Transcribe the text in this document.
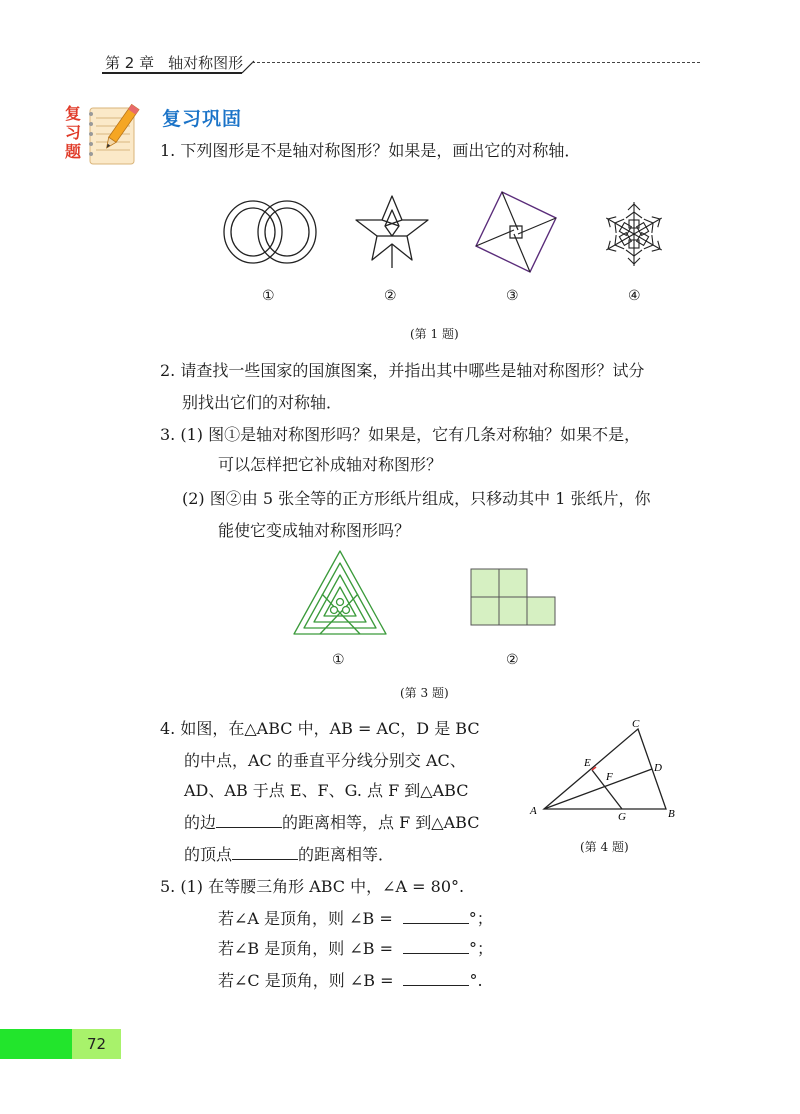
第 2 章 轴对称图形
复
习
题
复习巩固
1. 下列图形是不是轴对称图形？如果是，画出它的对称轴．
①	②	③	④
(第 1 题)
2. 请查找一些国家的国旗图案，并指出其中哪些是轴对称图形？试分
别找出它们的对称轴．
3. (1) 图①是轴对称图形吗？如果是，它有几条对称轴？如果不是，
可以怎样把它补成轴对称图形？
(2) 图②由 5 张全等的正方形纸片组成，只移动其中 1 张纸片，你
能使它变成轴对称图形吗？
①	②
(第 3 题)
4. 如图，在△ABC 中，AB = AC，D 是 BC
的中点，AC 的垂直平分线分别交 AC、
AD、AB 于点 E、F、G. 点 F 到△ABC
的边	的距离相等，点 F 到△ABC
的顶点	的距离相等．
A	B
C
D
E
F
G
(第 4 题)
5. (1) 在等腰三角形 ABC 中，∠A = 80°.
若∠A 是顶角，则 ∠B =	°；
若∠B 是顶角，则 ∠B =	°；
若∠C 是顶角，则 ∠B =	°.
72
